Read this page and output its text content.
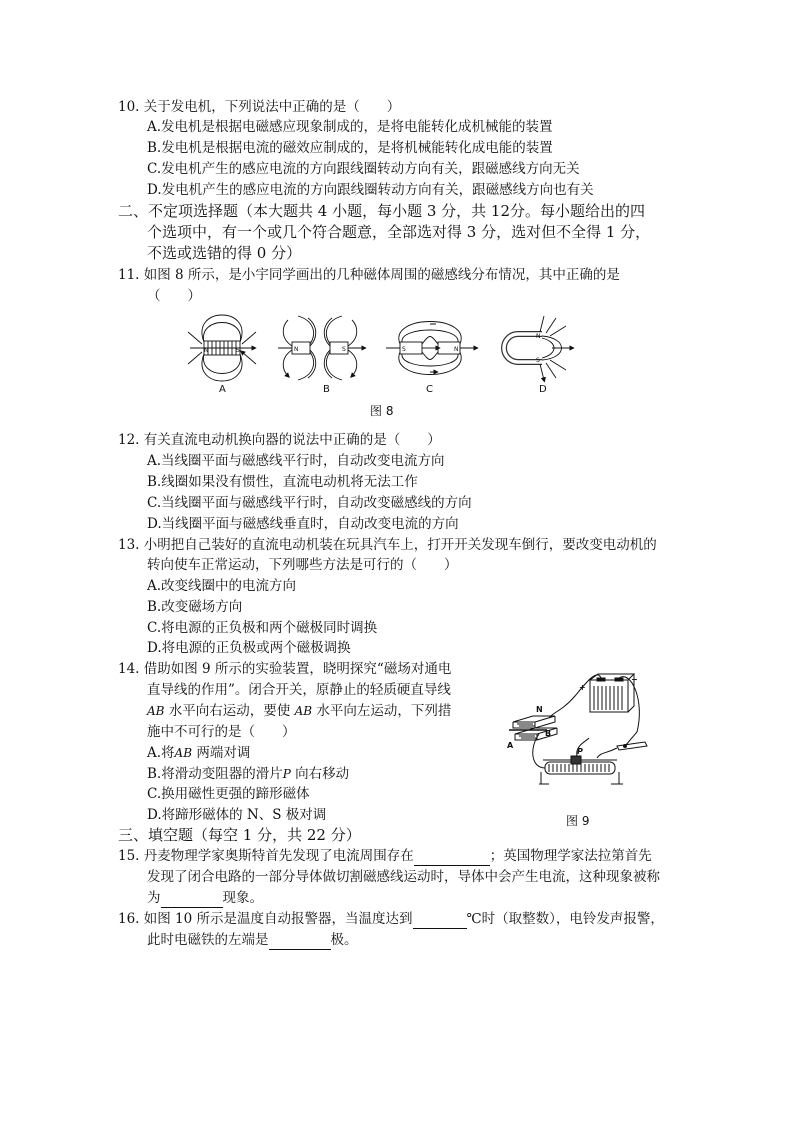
10. 关于发电机，下列说法中正确的是（　　）
A.发电机是根据电磁感应现象制成的，是将电能转化成机械能的装置
B.发电机是根据电流的磁效应制成的，是将机械能转化成电能的装置
C.发电机产生的感应电流的方向跟线圈转动方向有关，跟磁感线方向无关
D.发电机产生的感应电流的方向跟线圈转动方向有关，跟磁感线方向也有关
二、不定项选择题（本大题共 4 小题，每小题 3 分，共 12分。每小题给出的四
个选项中，有一个或几个符合题意，全部选对得 3 分，选对但不全得 1 分，
不选或选错的得 0 分）
11. 如图 8 所示，是小宇同学画出的几种磁体周围的磁感线分布情况，其中正确的是
（　　）
N	S	N	S	S	N
N
S
A	B	C	D
图 8
12. 有关直流电动机换向器的说法中正确的是（　　）
A.当线圈平面与磁感线平行时，自动改变电流方向
B.线圈如果没有惯性，直流电动机将无法工作
C.当线圈平面与磁感线平行时，自动改变磁感线的方向
D.当线圈平面与磁感线垂直时，自动改变电流的方向
13. 小明把自己装好的直流电动机装在玩具汽车上，打开开关发现车倒行，要改变电动机的
转向使车正常运动，下列哪些方法是可行的（　　）
A.改变线圈中的电流方向
B.改变磁场方向
C.将电源的正负极和两个磁极同时调换
D.将电源的正负极或两个磁极调换
14. 借助如图 9 所示的实验装置，晓明探究“磁场对通电
直导线的作用”。闭合开关，原静止的轻质硬直导线
AB 水平向右运动，要使 AB 水平向左运动，下列措
施中不可行的是（　　）
A.将AB 两端对调
B.将滑动变阻器的滑片P 向右移动
C.换用磁性更强的蹄形磁体
D.将蹄形磁体的 N、S 极对调
N
A
B
P
+
−
图 9
三、填空题（每空 1 分，共 22 分）
15. 丹麦物理学家奥斯特首先发现了电流周围存在	；英国物理学家法拉第首先
发现了闭合电路的一部分导体做切割磁感线运动时，导体中会产生电流，这种现象被称
为	现象。
16. 如图 10 所示是温度自动报警器，当温度达到	℃时（取整数），电铃发声报警，
此时电磁铁的左端是	极。
